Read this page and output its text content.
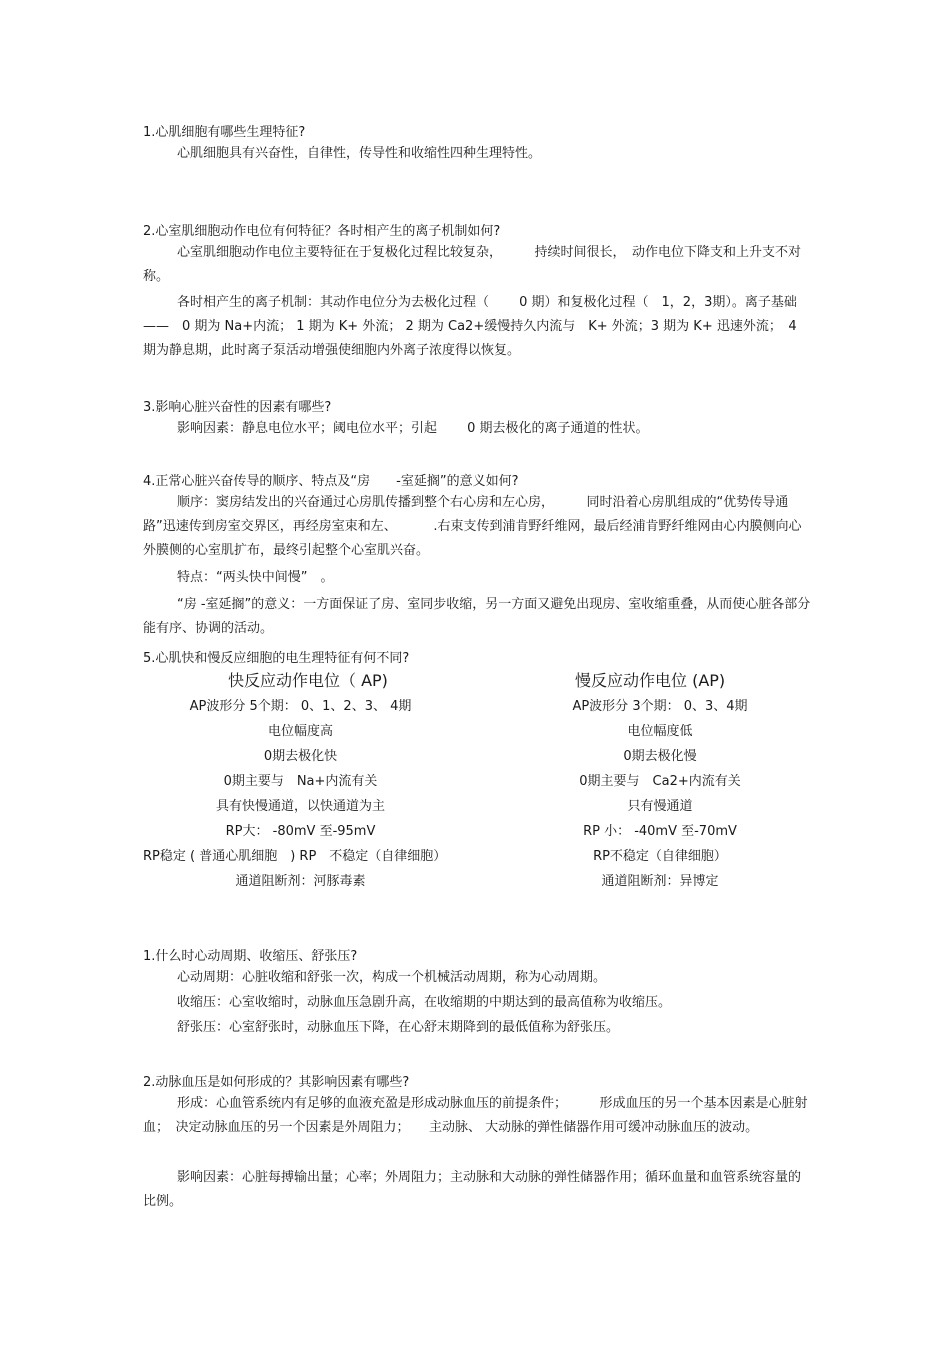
1.心肌细胞有哪些生理特征?

心肌细胞具有兴奋性，自律性，传导性和收缩性四种生理特性。

2.心室肌细胞动作电位有何特征？各时相产生的离子机制如何?

心室肌细胞动作电位主要特征在于复极化过程比较复杂，　　　持续时间很长，　动作电位下降支和上升支不对称。

各时相产生的离子机制：其动作电位分为去极化过程（　　 0 期）和复极化过程（　1，2，3期）。离子基础——　0 期为 Na+内流； 1 期为 K+ 外流； 2 期为 Ca2+缓慢持久内流与　K+ 外流；3 期为 K+ 迅速外流；　4 期为静息期，此时离子泵活动增强使细胞内外离子浓度得以恢复。

3.影响心脏兴奋性的因素有哪些?

影响因素：静息电位水平；阈电位水平；引起　　 0 期去极化的离子通道的性状。

4.正常心脏兴奋传导的顺序、特点及“房　　-室延搁”的意义如何?

顺序：窦房结发出的兴奋通过心房肌传播到整个右心房和左心房，　　　同时沿着心房肌组成的“优势传导通路”迅速传到房室交界区，再经房室束和左、　　　 .右束支传到浦肯野纤维网，最后经浦肯野纤维网由心内膜侧向心外膜侧的心室肌扩布，最终引起整个心室肌兴奋。

特点：“两头快中间慢”　。

“房 -室延搁”的意义：一方面保证了房、室同步收缩，另一方面又避免出现房、室收缩重叠，从而使心脏各部分能有序、协调的活动。

5.心肌快和慢反应细胞的电生理特征有何不同?

快反应动作电位（ AP)	慢反应动作电位 (AP)
AP波形分 5个期： 0、1、2、3、 4期
电位幅度高
0期去极化快
0期主要与　Na+内流有关
具有快慢通道，以快通道为主
RP大： -80mV 至-95mV
RP稳定 ( 普通心肌细胞　) RP　不稳定（自律细胞）
通道阻断剂：河豚毒素
AP波形分 3个期： 0、3、4期
电位幅度低
0期去极化慢
0期主要与　Ca2+内流有关
只有慢通道
RP 小： -40mV 至-70mV
RP不稳定（自律细胞）
通道阻断剂：异博定

1.什么时心动周期、收缩压、舒张压?

心动周期：心脏收缩和舒张一次，构成一个机械活动周期，称为心动周期。

收缩压：心室收缩时，动脉血压急剧升高，在收缩期的中期达到的最高值称为收缩压。

舒张压：心室舒张时，动脉血压下降，在心舒末期降到的最低值称为舒张压。

2.动脉血压是如何形成的？其影响因素有哪些?

形成：心血管系统内有足够的血液充盈是形成动脉血压的前提条件；　　　形成血压的另一个基本因素是心脏射血；　决定动脉血压的另一个因素是外周阻力；　　主动脉、 大动脉的弹性储器作用可缓冲动脉血压的波动。

影响因素：心脏每搏输出量；心率；外周阻力；主动脉和大动脉的弹性储器作用；循环血量和血管系统容量的比例。
